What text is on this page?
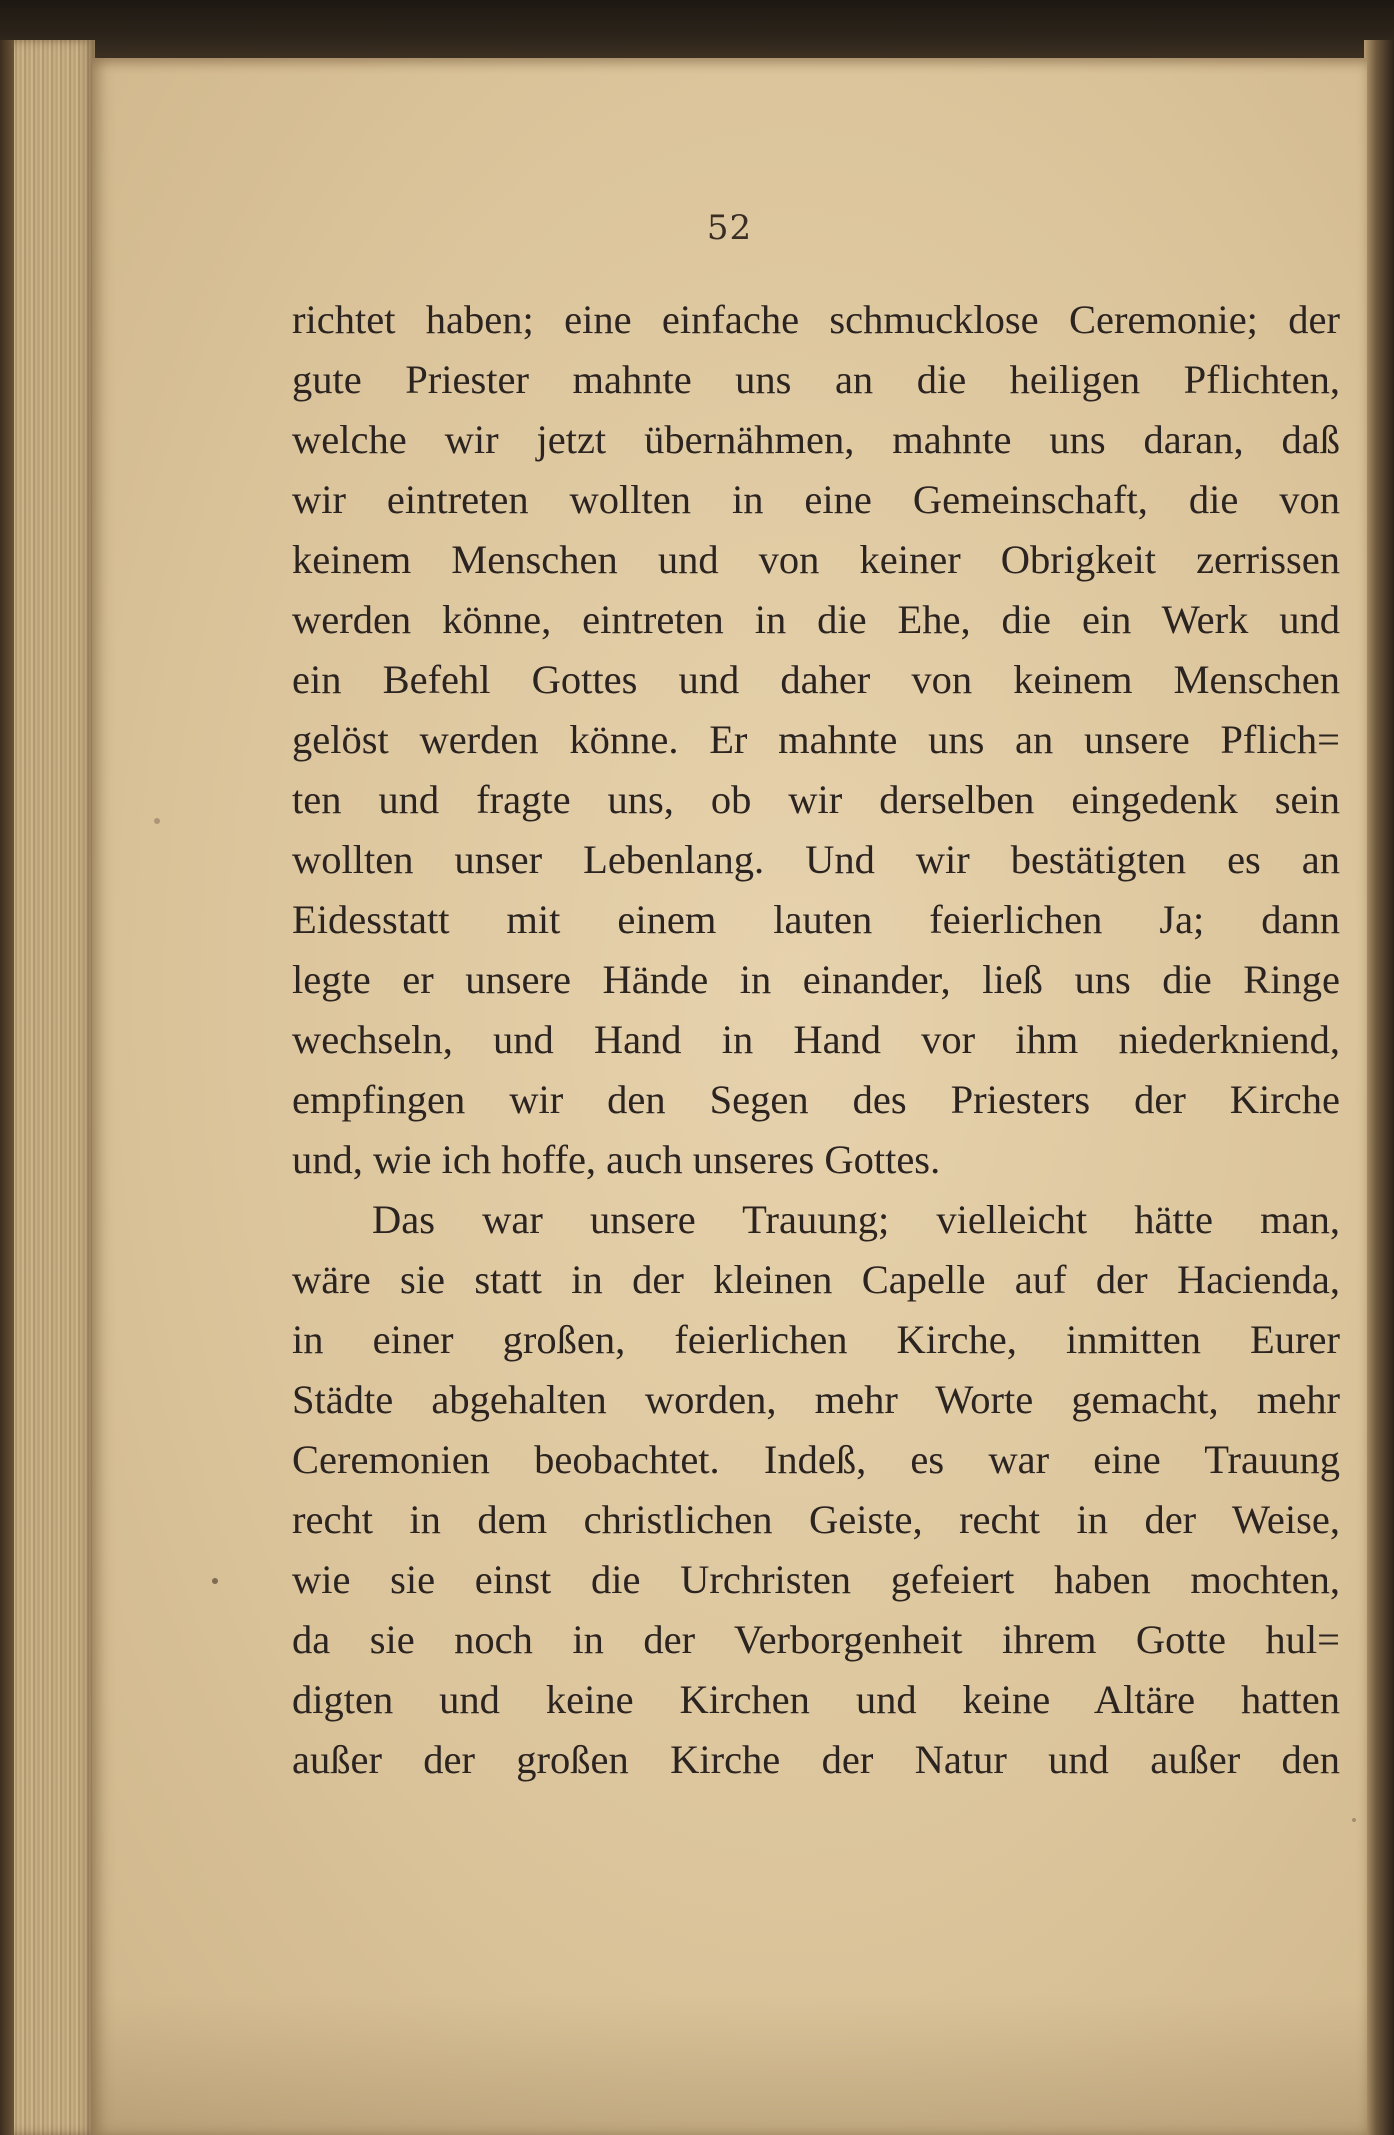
52

richtet haben; eine einfache schmucklose Ceremonie; der
gute Priester mahnte uns an die heiligen Pflichten,
welche wir jetzt übernähmen, mahnte uns daran, daß
wir eintreten wollten in eine Gemeinschaft, die von
keinem Menschen und von keiner Obrigkeit zerrissen
werden könne, eintreten in die Ehe, die ein Werk und
ein Befehl Gottes und daher von keinem Menschen
gelöst werden könne. Er mahnte uns an unsere Pflich=
ten und fragte uns, ob wir derselben eingedenk sein
wollten unser Lebenlang. Und wir bestätigten es an
Eidesstatt mit einem lauten feierlichen Ja; dann
legte er unsere Hände in einander, ließ uns die Ringe
wechseln, und Hand in Hand vor ihm niederkniend,
empfingen wir den Segen des Priesters der Kirche
und, wie ich hoffe, auch unseres Gottes.

Das war unsere Trauung; vielleicht hätte man,
wäre sie statt in der kleinen Capelle auf der Hacienda,
in einer großen, feierlichen Kirche, inmitten Eurer
Städte abgehalten worden, mehr Worte gemacht, mehr
Ceremonien beobachtet. Indeß, es war eine Trauung
recht in dem christlichen Geiste, recht in der Weise,
wie sie einst die Urchristen gefeiert haben mochten,
da sie noch in der Verborgenheit ihrem Gotte hul=
digten und keine Kirchen und keine Altäre hatten
außer der großen Kirche der Natur und außer den
